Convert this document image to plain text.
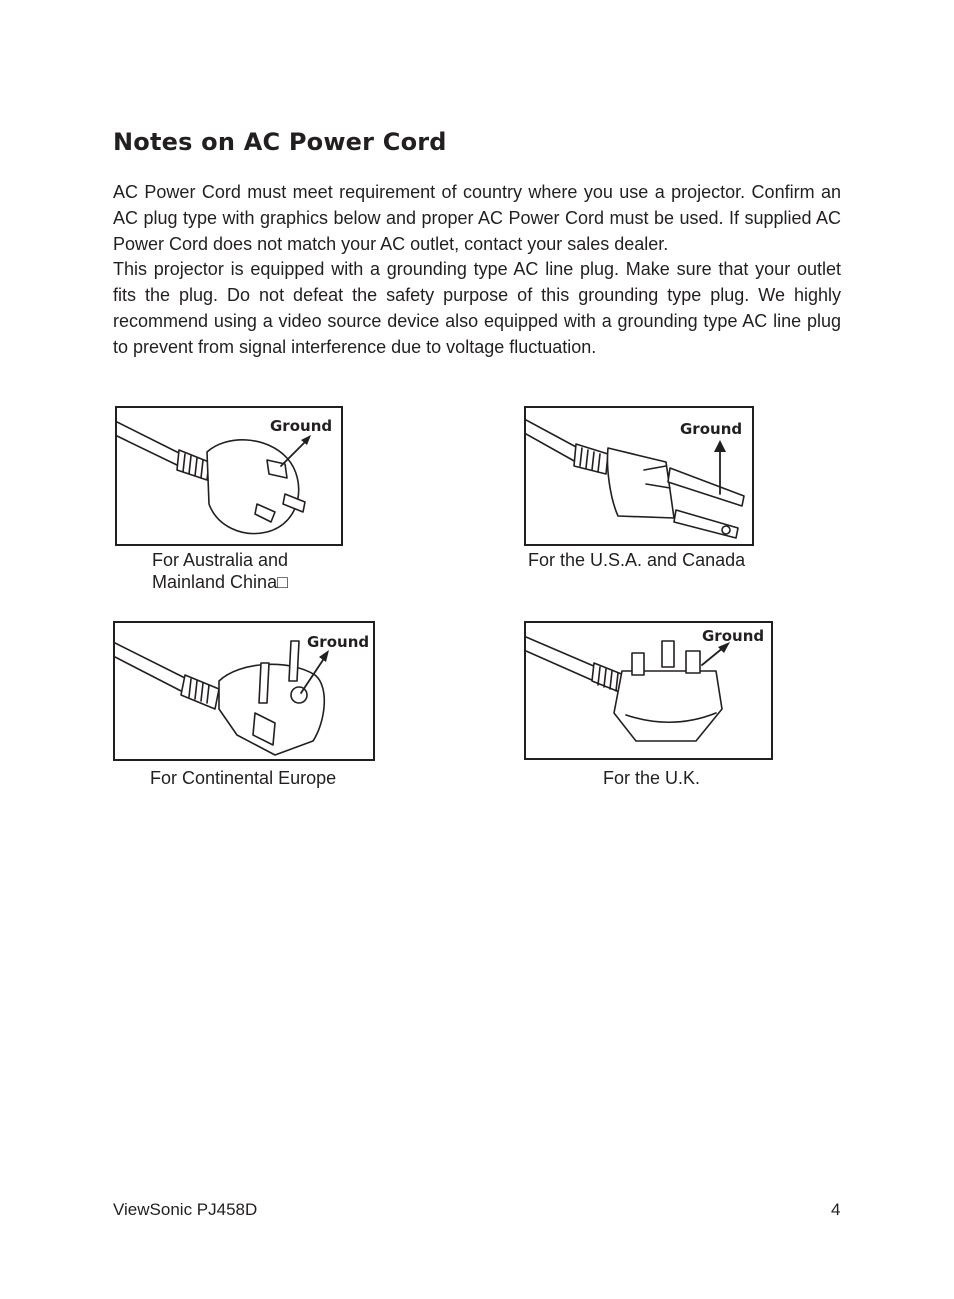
Notes on AC Power Cord

AC Power Cord must meet requirement of country where you use a projector. Confirm an AC plug type with graphics below and proper AC Power Cord must be used. If supplied AC Power Cord does not match your AC outlet, contact your sales dealer.

This projector is equipped with a grounding type AC line plug. Make sure that your outlet fits the plug. Do not defeat the safety purpose of this grounding type plug. We highly recommend using a video source device also equipped with a grounding type AC line plug to prevent from signal interference due to voltage fluctuation.

Ground
For Australia and
Mainland China□
Ground
For the U.S.A. and Canada
Ground
For Continental Europe
Ground
For the U.K.
ViewSonic PJ458D	4
